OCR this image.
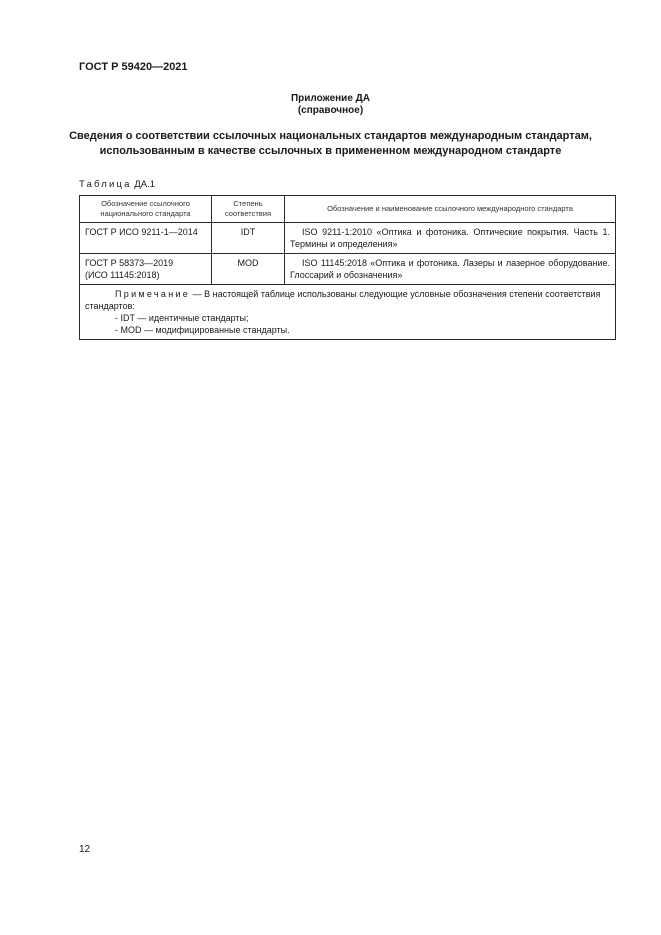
ГОСТ Р 59420—2021
Приложение ДА
(справочное)
Сведения о соответствии ссылочных национальных стандартов международным стандартам,
использованным в качестве ссылочных в примененном международном стандарте
Таблица ДА.1
Обозначение ссылочного национального стандарта	Степень соответствия	Обозначение и наименование ссылочного международного стандарта
ГОСТ Р ИСО 9211-1—2014	IDT	ISO 9211-1:2010 «Оптика и фотоника. Оптические покрытия. Часть 1. Термины и определения»

ГОСТ Р 58373—2019
(ИСО 11145:2018)	MOD	ISO 11145:2018 «Оптика и фотоника. Лазеры и лазерное оборудование. Глоссарий и обозначения»

Примечание — В настоящей таблице использованы следующие условные обозначения степени соответствия стандартов:
- IDT — идентичные стандарты;
- MOD — модифицированные стандарты.		
12
